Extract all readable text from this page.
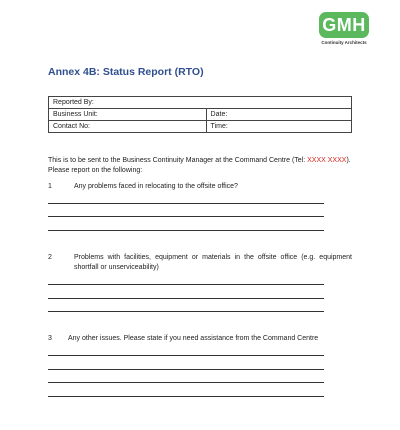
GMH
Continuity Architects
Annex 4B: Status Report (RTO)
Reported By:	
Business Unit:	Date:
Contact No:	Time:
This is to be sent to the Business Continuity Manager at the Command Centre (Tel: XXXX XXXX). Please report on the following:
1	Any problems faced in relocating to the offsite office?
2	Problems with facilities, equipment or materials in the offsite office (e.g. equipment shortfall or unserviceability)
3 Any other issues. Please state if you need assistance from the Command Centre
